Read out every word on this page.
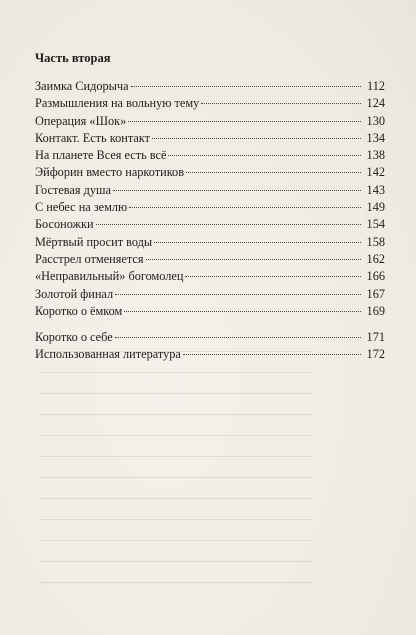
Часть вторая
Заимка Сидорыча	112
Размышления на вольную тему	124
Операция «Шок»	130
Контакт. Есть контакт	134
На планете Всея есть всё	138
Эйфорин вместо наркотиков	142
Гостевая душа	143
С небес на землю	149
Босоножки	154
Мёртвый просит воды	158
Расстрел отменяется	162
«Неправильный» богомолец	166
Золотой финал	167
Коротко о ёмком	169
Коротко о себе	171
Использованная литература	172
